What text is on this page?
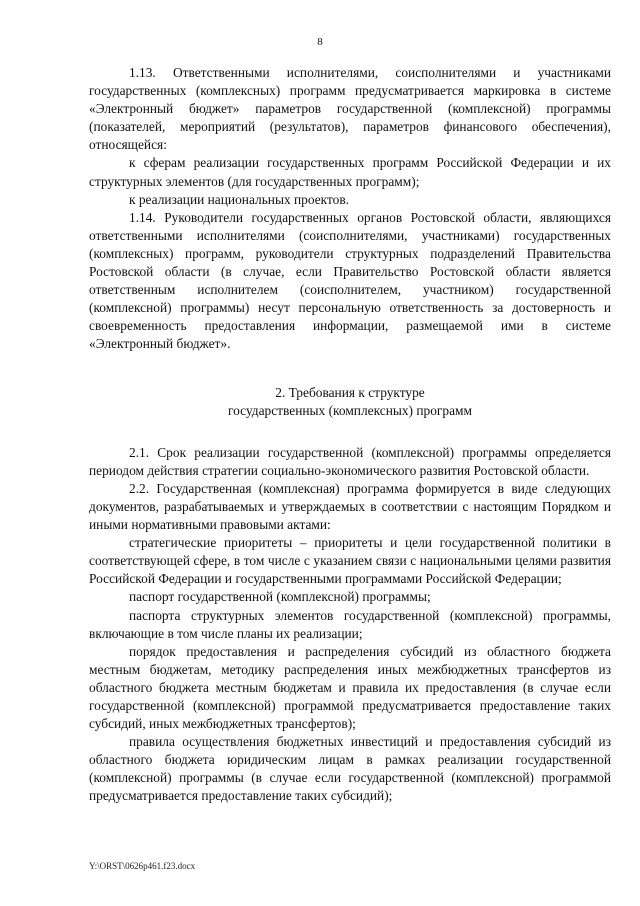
8

1.13. Ответственными исполнителями, соисполнителями и участниками государственных (комплексных) программ предусматривается маркировка в системе «Электронный бюджет» параметров государственной (комплексной) программы (показателей, мероприятий (результатов), параметров финансового обеспечения), относящейся:

к сферам реализации государственных программ Российской Федерации и их структурных элементов (для государственных программ);

к реализации национальных проектов.

1.14. Руководители государственных органов Ростовской области, являющихся ответственными исполнителями (соисполнителями, участниками) государственных (комплексных) программ, руководители структурных подразделений Правительства Ростовской области (в случае, если Правительство Ростовской области является ответственным исполнителем (соисполнителем, участником) государственной (комплексной) программы) несут персональную ответственность за достоверность и своевременность предоставления информации, размещаемой ими в системе «Электронный бюджет».

2. Требования к структуре
государственных (комплексных) программ

2.1. Срок реализации государственной (комплексной) программы определяется периодом действия стратегии социально-экономического развития Ростовской области.

2.2. Государственная (комплексная) программа формируется в виде следующих документов, разрабатываемых и утверждаемых в соответствии с настоящим Порядком и иными нормативными правовыми актами:

стратегические приоритеты – приоритеты и цели государственной политики в соответствующей сфере, в том числе с указанием связи с национальными целями развития Российской Федерации и государственными программами Российской Федерации;

паспорт государственной (комплексной) программы;

паспорта структурных элементов государственной (комплексной) программы, включающие в том числе планы их реализации;

порядок предоставления и распределения субсидий из областного бюджета местным бюджетам, методику распределения иных межбюджетных трансфертов из областного бюджета местным бюджетам и правила их предоставления (в случае если государственной (комплексной) программой предусматривается предоставление таких субсидий, иных межбюджетных трансфертов);

правила осуществления бюджетных инвестиций и предоставления субсидий из областного бюджета юридическим лицам в рамках реализации государственной (комплексной) программы (в случае если государственной (комплексной) программой предусматривается предоставление таких субсидий);

Y:\ORST\0626p461.f23.docx
